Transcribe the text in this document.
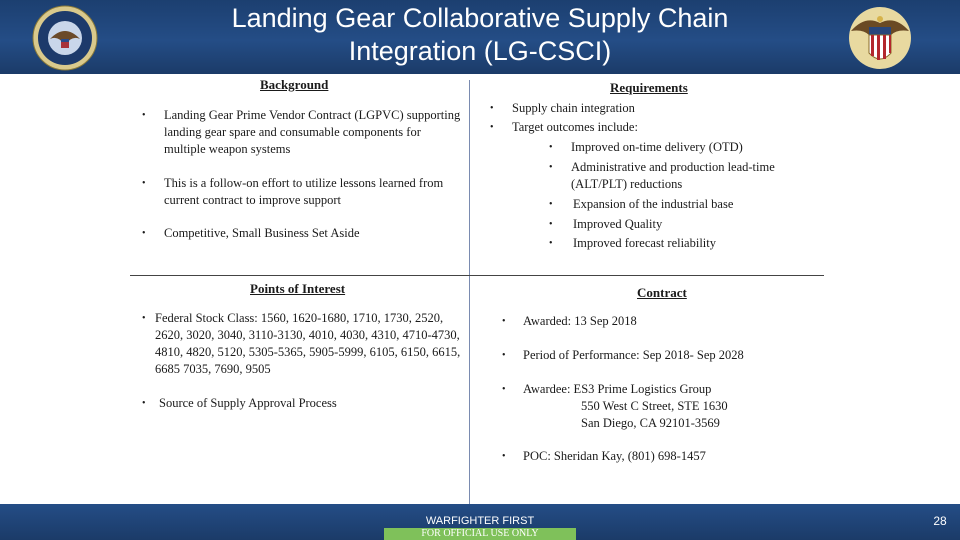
Landing Gear Collaborative Supply Chain Integration (LG-CSCI)
Background
• Landing Gear Prime Vendor Contract (LGPVC) supporting landing gear spare and consumable components for multiple weapon systems
• This is a follow-on effort to utilize lessons learned from current contract to improve support
• Competitive, Small Business Set Aside
Requirements
• Supply chain integration
• Target outcomes include:
• Improved on-time delivery (OTD)
• Administrative and production lead-time (ALT/PLT) reductions
• Expansion of the industrial base
• Improved Quality
• Improved forecast reliability
Points of Interest
• Federal Stock Class: 1560, 1620-1680, 1710, 1730, 2520, 2620, 3020, 3040, 3110-3130, 4010, 4030, 4310, 4710-4730, 4810, 4820, 5120, 5305-5365, 5905-5999, 6105, 6150, 6615, 6685 7035, 7690, 9505
• Source of Supply Approval Process
Contract
• Awarded: 13 Sep 2018
• Period of Performance: Sep 2018- Sep 2028
• Awardee: ES3 Prime Logistics Group
550 West C Street, STE 1630
San Diego, CA 92101-3569
• POC: Sheridan Kay, (801) 698-1457
WARFIGHTER FIRST
FOR OFFICIAL USE ONLY
28
